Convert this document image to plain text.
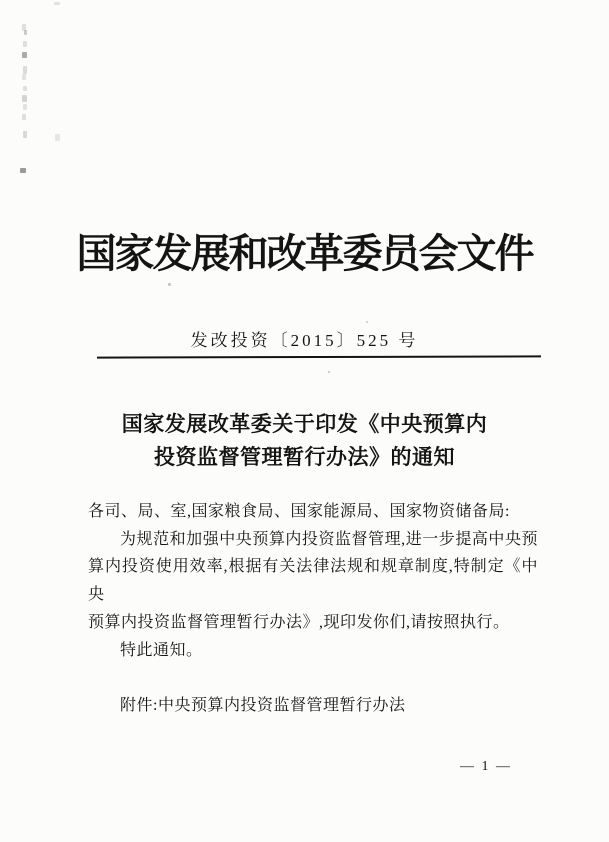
国家发展和改革委员会文件
发改投资〔2015〕525 号
国家发展改革委关于印发《中央预算内
投资监督管理暂行办法》的通知
各司、局、室,国家粮食局、国家能源局、国家物资储备局:
为规范和加强中央预算内投资监督管理,进一步提高中央预
算内投资使用效率,根据有关法律法规和规章制度,特制定《中央
预算内投资监督管理暂行办法》,现印发你们,请按照执行。
特此通知。
附件:中央预算内投资监督管理暂行办法
— 1 —
